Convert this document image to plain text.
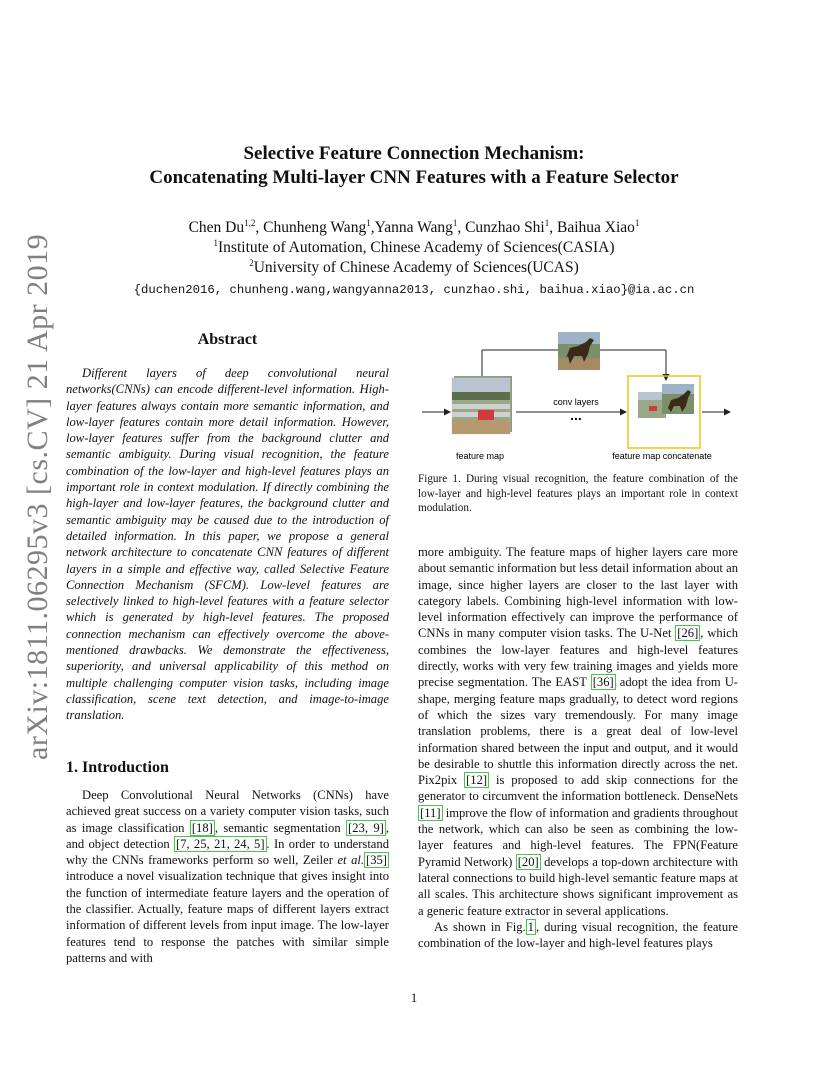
arXiv:1811.06295v3 [cs.CV] 21 Apr 2019
Selective Feature Connection Mechanism:
Concatenating Multi-layer CNN Features with a Feature Selector
Chen Du$^{1,2}$, Chunheng Wang$^1$,Yanna Wang$^1$, Cunzhao Shi$^1$, Baihua Xiao$^1$
$^1$Institute of Automation, Chinese Academy of Sciences(CASIA)
$^2$University of Chinese Academy of Sciences(UCAS)
{duchen2016, chunheng.wang,wangyanna2013, cunzhao.shi, baihua.xiao}@ia.ac.cn
Abstract

Different layers of deep convolutional neural networks(CNNs) can encode different-level information. High-layer features always contain more semantic information, and low-layer features contain more detail information. However, low-layer features suffer from the background clutter and semantic ambiguity. During visual recognition, the feature combination of the low-layer and high-level features plays an important role in context modulation. If directly combining the high-layer and low-layer features, the background clutter and semantic ambiguity may be caused due to the introduction of detailed information. In this paper, we propose a general network architecture to concatenate CNN features of different layers in a simple and effective way, called Selective Feature Connection Mechanism (SFCM). Low-level features are selectively linked to high-level features with a feature selector which is generated by high-level features. The proposed connection mechanism can effectively overcome the above-mentioned drawbacks. We demonstrate the effectiveness, superiority, and universal applicability of this method on multiple challenging computer vision tasks, including image classification, scene text detection, and image-to-image translation.

1. Introduction

Deep Convolutional Neural Networks (CNNs) have achieved great success on a variety computer vision tasks, such as image classification [18] , semantic segmentation [23, 9] , and object detection [7, 25, 21, 24, 5] . In order to understand why the CNNs frameworks perform so well, Zeiler et al. [35] introduce a novel visualization technique that gives insight into the function of intermediate feature layers and the operation of the classifier. Actually, feature maps of different layers extract information of different levels from input image. The low-layer features tend to response the patches with similar simple patterns and with

conv layers
...
feature map	feature map concatenate
Figure 1. During visual recognition, the feature combination of the low-layer and high-level features plays an important role in context modulation.

more ambiguity. The feature maps of higher layers care more about semantic information but less detail information about an image, since higher layers are closer to the last layer with category labels. Combining high-level information with low-level information effectively can improve the performance of CNNs in many computer vision tasks. The U-Net [26] , which combines the low-layer features and high-level features directly, works with very few training images and yields more precise segmentation. The EAST [36] adopt the idea from U-shape, merging feature maps gradually, to detect word regions of which the sizes vary tremendously. For many image translation problems, there is a great deal of low-level information shared between the input and output, and it would be desirable to shuttle this information directly across the net. Pix2pix [12] is proposed to add skip connections for the generator to circumvent the information bottleneck. DenseNets [11] improve the flow of information and gradients throughout the network, which can also be seen as combining the low-layer features and high-level features. The FPN(Feature Pyramid Network) [20] develops a top-down architecture with lateral connections to build high-level semantic feature maps at all scales. This architecture shows significant improvement as a generic feature extractor in several applications.

As shown in Fig. 1 , during visual recognition, the feature combination of the low-layer and high-level features plays

1
